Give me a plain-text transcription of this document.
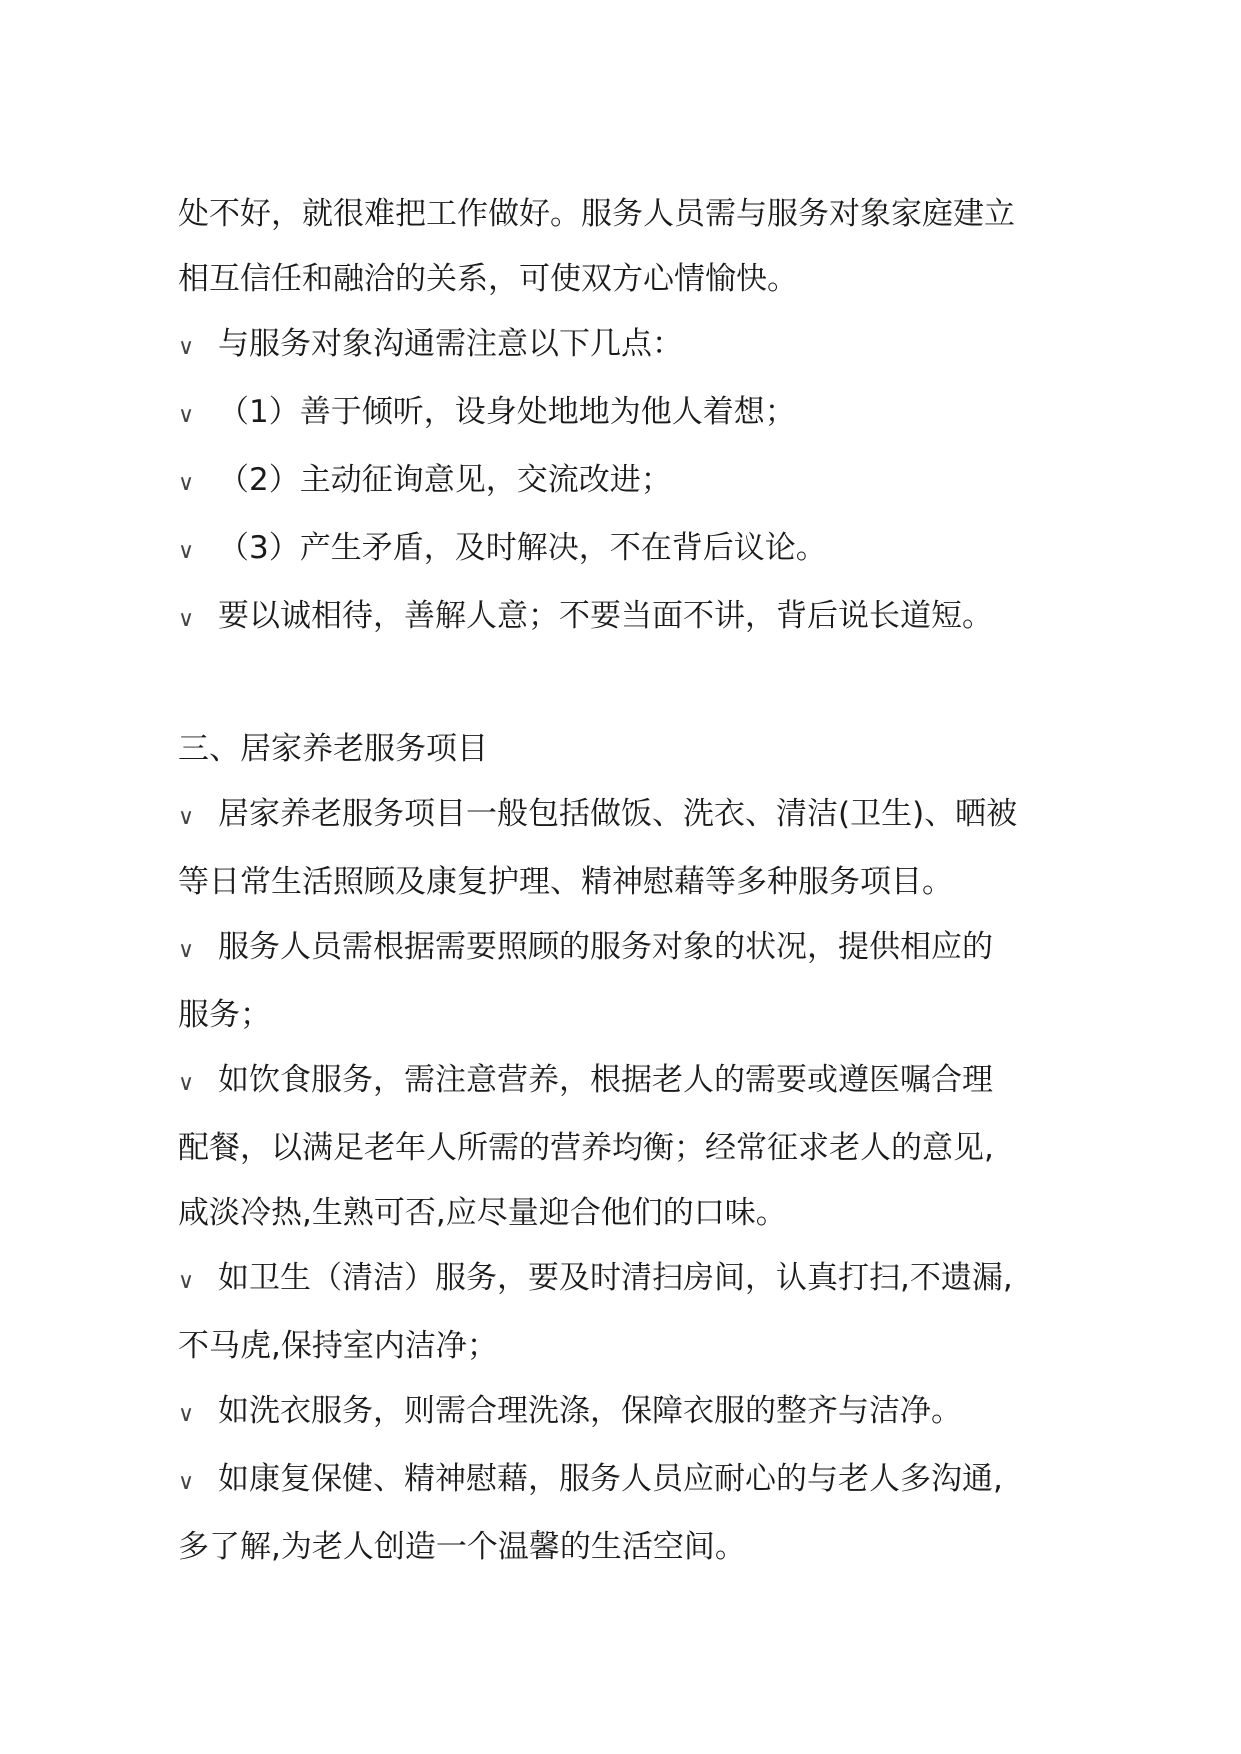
处不好，就很难把工作做好。服务人员需与服务对象家庭建立

相互信任和融洽的关系，可使双方心情愉快。

∨ 与服务对象沟通需注意以下几点：
∨ （1）善于倾听，设身处地地为他人着想；
∨ （2）主动征询意见，交流改进；
∨ （3）产生矛盾，及时解决，不在背后议论。
∨ 要以诚相待，善解人意；不要当面不讲，背后说长道短。

三、居家养老服务项目

∨ 居家养老服务项目一般包括做饭、洗衣、清洁(卫生)、晒被

等日常生活照顾及康复护理、精神慰藉等多种服务项目。

∨ 服务人员需根据需要照顾的服务对象的状况，提供相应的

服务；

∨ 如饮食服务，需注意营养，根据老人的需要或遵医嘱合理

配餐，以满足老年人所需的营养均衡；经常征求老人的意见,

咸淡冷热,生熟可否,应尽量迎合他们的口味。

∨ 如卫生（清洁）服务，要及时清扫房间，认真打扫,不遗漏,

不马虎,保持室内洁净；

∨ 如洗衣服务，则需合理洗涤，保障衣服的整齐与洁净。
∨ 如康复保健、精神慰藉，服务人员应耐心的与老人多沟通,

多了解,为老人创造一个温馨的生活空间。
